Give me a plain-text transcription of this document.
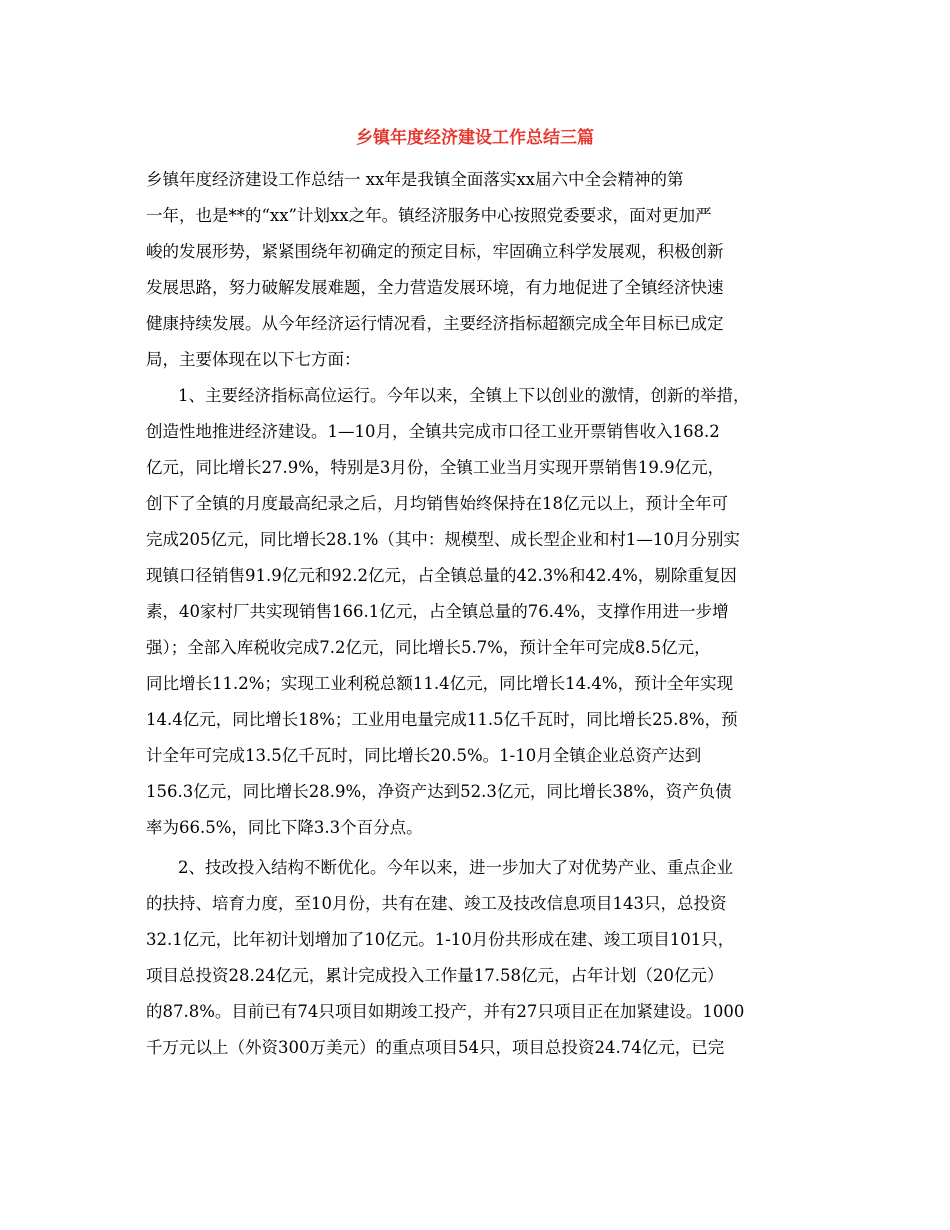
乡镇年度经济建设工作总结三篇
乡镇年度经济建设工作总结一 xx年是我镇全面落实xx届六中全会精神的第
一年，也是**的“xx”计划xx之年。镇经济服务中心按照党委要求，面对更加严
峻的发展形势，紧紧围绕年初确定的预定目标，牢固确立科学发展观，积极创新
发展思路，努力破解发展难题，全力营造发展环境，有力地促进了全镇经济快速
健康持续发展。从今年经济运行情况看，主要经济指标超额完成全年目标已成定
局，主要体现在以下七方面：
1、主要经济指标高位运行。今年以来，全镇上下以创业的激情，创新的举措，
创造性地推进经济建设。1—10月，全镇共完成市口径工业开票销售收入168.2
亿元，同比增长27.9%，特别是3月份，全镇工业当月实现开票销售19.9亿元，
创下了全镇的月度最高纪录之后，月均销售始终保持在18亿元以上，预计全年可
完成205亿元，同比增长28.1%（其中：规模型、成长型企业和村1—10月分别实
现镇口径销售91.9亿元和92.2亿元，占全镇总量的42.3%和42.4%，剔除重复因
素，40家村厂共实现销售166.1亿元，占全镇总量的76.4%，支撑作用进一步增
强）；全部入库税收完成7.2亿元，同比增长5.7%，预计全年可完成8.5亿元，
同比增长11.2%；实现工业利税总额11.4亿元，同比增长14.4%，预计全年实现
14.4亿元，同比增长18%；工业用电量完成11.5亿千瓦时，同比增长25.8%，预
计全年可完成13.5亿千瓦时，同比增长20.5%。1-10月全镇企业总资产达到
156.3亿元，同比增长28.9%，净资产达到52.3亿元，同比增长38%，资产负债
率为66.5%，同比下降3.3个百分点。
2、技改投入结构不断优化。今年以来，进一步加大了对优势产业、重点企业
的扶持、培育力度，至10月份，共有在建、竣工及技改信息项目143只，总投资
32.1亿元，比年初计划增加了10亿元。1-10月份共形成在建、竣工项目101只，
项目总投资28.24亿元，累计完成投入工作量17.58亿元，占年计划（20亿元）
的87.8%。目前已有74只项目如期竣工投产，并有27只项目正在加紧建设。1000
千万元以上（外资300万美元）的重点项目54只，项目总投资24.74亿元，已完
